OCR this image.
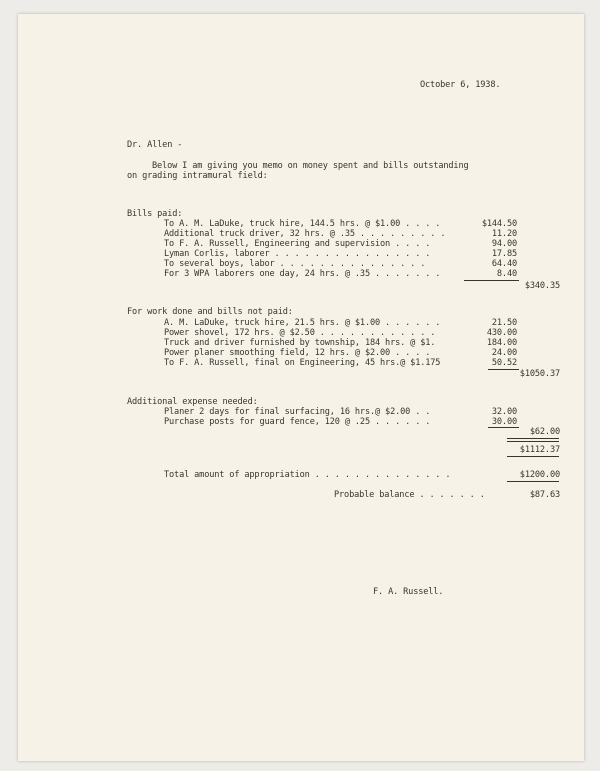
October 6, 1938.
Dr. Allen -
Below I am giving you memo on money spent and bills outstanding
on grading intramural field:
Bills paid:
To A. M. LaDuke, truck hire, 144.5 hrs. @ $1.00 . . . .	$144.50
Additional truck driver, 32 hrs. @ .35 . . . . . . . . .	11.20
To F. A. Russell, Engineering and supervision . . . .	94.00
Lyman Corlis, laborer . . . . . . . . . . . . . . . .	17.85
To several boys, labor . . . . . . . . . . . . . . .	64.40
For 3 WPA laborers one day, 24 hrs. @ .35 . . . . . . .	8.40
$340.35
For work done and bills not paid:
A. M. LaDuke, truck hire, 21.5 hrs. @ $1.00 . . . . . .	21.50
Power shovel, 172 hrs. @ $2.50 . . . . . . . . . . . .	430.00
Truck and driver furnished by township, 184 hrs. @ $1.	184.00
Power planer smoothing field, 12 hrs. @ $2.00 . . . .	24.00
To F. A. Russell, final on Engineering, 45 hrs.@ $1.175	50.52
$1050.37
Additional expense needed:
Planer 2 days for final surfacing, 16 hrs.@ $2.00 . .	32.00
Purchase posts for guard fence, 120 @ .25 . . . . . .	30.00
$62.00
$1112.37
Total amount of appropriation . . . . . . . . . . . . . .	$1200.00
Probable balance . . . . . . .	$87.63
F. A. Russell.
